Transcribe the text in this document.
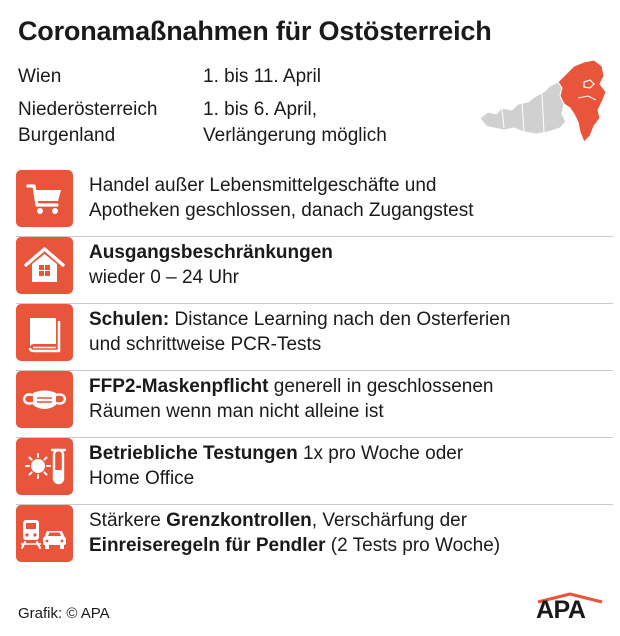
Coronamaßnahmen für Ostösterreich
Wien	1. bis 11. April
Niederösterreich
Burgenland
1. bis 6. April,
Verlängerung möglich
Handel außer Lebensmittelgeschäfte und
Apotheken geschlossen, danach Zugangstest
Ausgangsbeschränkungen
wieder 0 – 24 Uhr
Schulen: Distance Learning nach den Osterferien
und schrittweise PCR-Tests
FFP2-Maskenpflicht generell in geschlossenen
Räumen wenn man nicht alleine ist
Betriebliche Testungen 1x pro Woche oder
Home Office
Stärkere Grenzkontrollen, Verschärfung der
Einreiseregeln für Pendler (2 Tests pro Woche)
Grafik: © APA	APA
